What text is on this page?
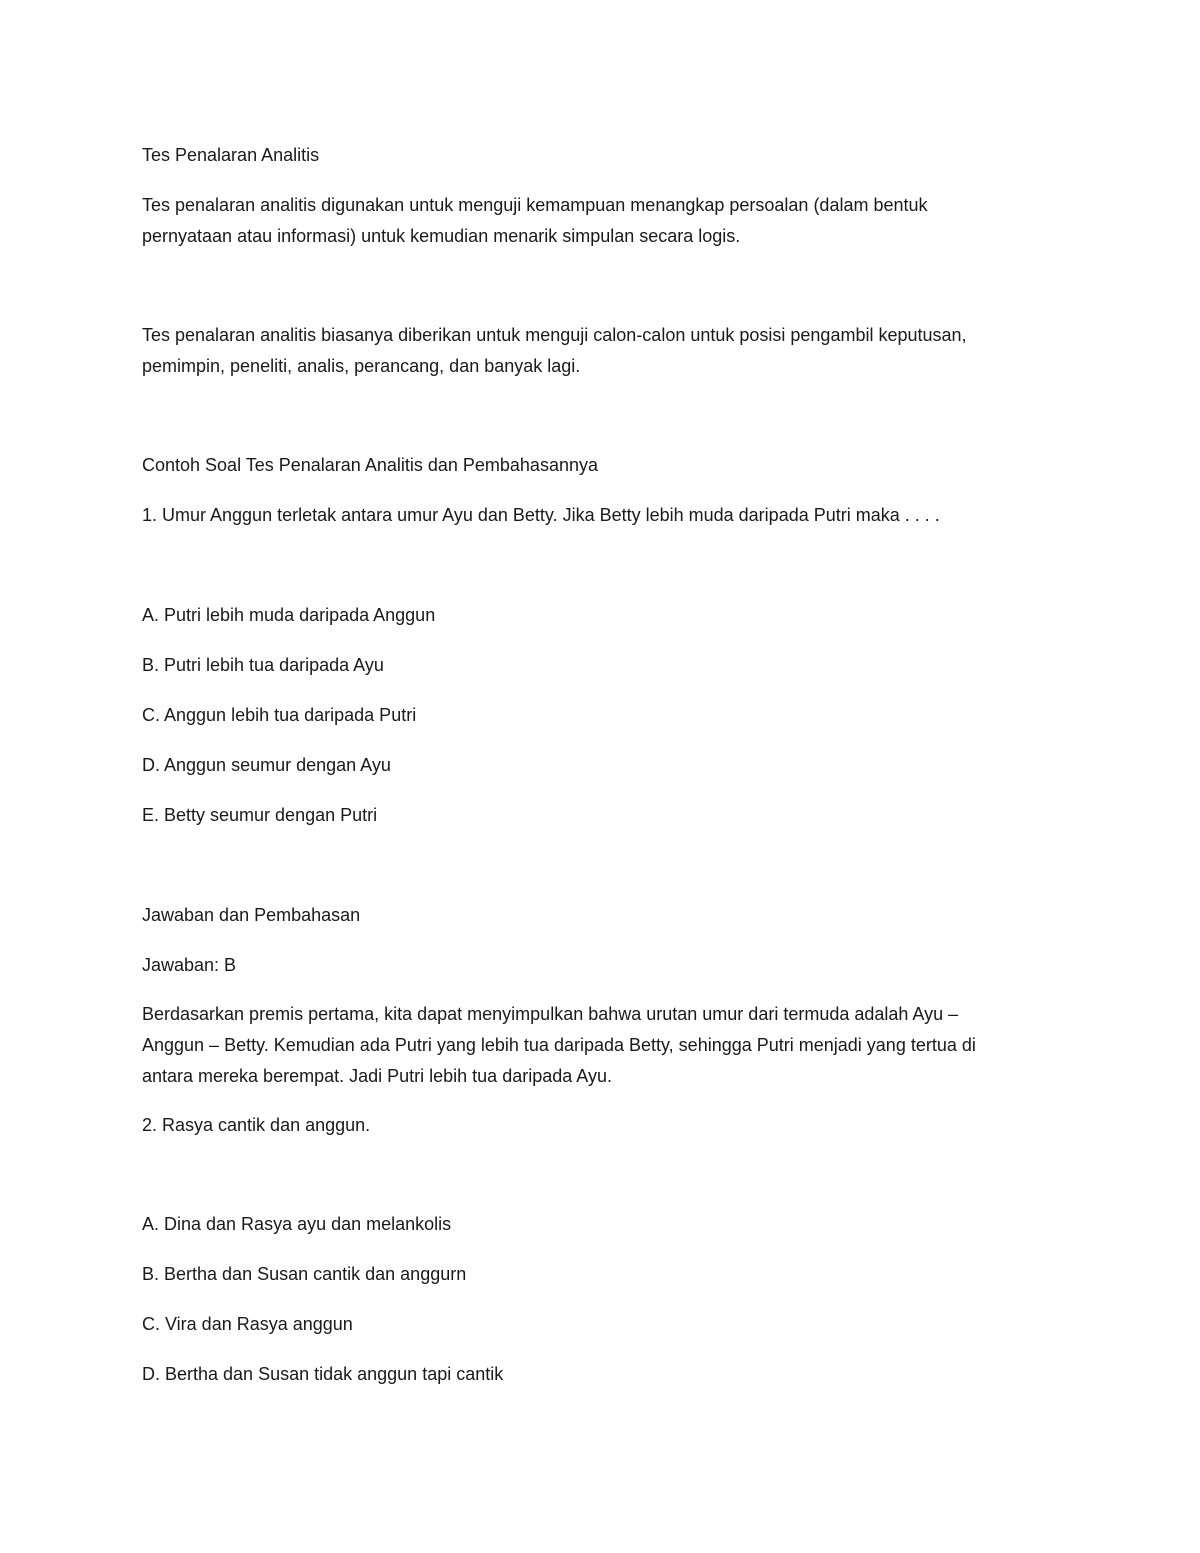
Tes Penalaran Analitis

Tes penalaran analitis digunakan untuk menguji kemampuan menangkap persoalan (dalam bentuk

pernyataan atau informasi) untuk kemudian menarik simpulan secara logis.

Tes penalaran analitis biasanya diberikan untuk menguji calon-calon untuk posisi pengambil keputusan,

pemimpin, peneliti, analis, perancang, dan banyak lagi.

Contoh Soal Tes Penalaran Analitis dan Pembahasannya

1. Umur Anggun terletak antara umur Ayu dan Betty. Jika Betty lebih muda daripada Putri maka . . . .

A. Putri lebih muda daripada Anggun

B. Putri lebih tua daripada Ayu

C. Anggun lebih tua daripada Putri

D. Anggun seumur dengan Ayu

E. Betty seumur dengan Putri

Jawaban dan Pembahasan

Jawaban: B

Berdasarkan premis pertama, kita dapat menyimpulkan bahwa urutan umur dari termuda adalah Ayu –

Anggun – Betty. Kemudian ada Putri yang lebih tua daripada Betty, sehingga Putri menjadi yang tertua di

antara mereka berempat. Jadi Putri lebih tua daripada Ayu.

2. Rasya cantik dan anggun.

A. Dina dan Rasya ayu dan melankolis

B. Bertha dan Susan cantik dan anggurn

C. Vira dan Rasya anggun

D. Bertha dan Susan tidak anggun tapi cantik
